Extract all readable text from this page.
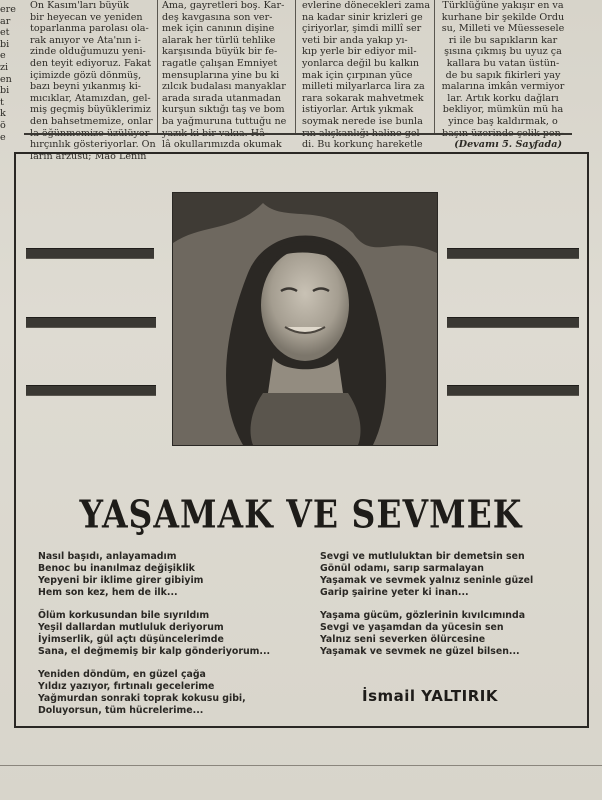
ere
ar
et
bi
e
zi
en
bi
t
k
ö
e
On Kasım'ları büyük
bir heyecan ve yeniden
toparlanma parolası ola-
rak anıyor ve Ata'nın i-
zinde olduğumuzu yeni-
den teyit ediyoruz. Fakat
içimizde gözü dönmüş,
bazı beyni yıkanmış ki-
mıcıklar, Atamızdan, gel-
miş geçmiş büyüklerimiz
den bahsetmemize, onlar
hırçınlık gösteriyorlar. On
ların arzusu; Mao Lenin
Ama, gayretleri boş. Kar-
deş kavgasına son ver-
mek için canının dişine
alarak her türlü tehlike
karşısında büyük bir fe-
ragatle çalışan Emniyet
mensuplarına yine bu ki
zılcık budalası manyaklar
arada sırada utanmadan
kurşun sıktığı taş ve bom
ba yağmuruna tuttuğu ne
lâ okullarımızda okumak
evlerine dönecekleri zama
na kadar sinir krizleri ge
çiriyorlar, şimdi millî ser
veti bir anda yakıp yı-
kıp yerle bir ediyor mil-
yonlarca değil bu kalkın
mak için çırpınan yüce
milleti milyarlarca lira za
rara sokarak mahvetmek
istiyorlar. Artık yıkmak
soymak nerede ise bunla
di. Bu korkunç hareketle
Türklüğüne yakışır en va
kurhane bir şekilde Ordu
su, Milleti ve Müessesele
ri ile bu sapıkların kar
şısına çıkmış bu uyuz ça
kallara bu vatan üstün-
de bu sapık fikirleri yay
malarına imkân vermiyor
lar. Artık korku dağları
bekliyor, mümkün mü ha
yince baş kaldırmak, o
(Devamı 5. Sayfada)
YAŞAMAK VE SEVMEK
Nasıl başıdı, anlayamadım
Benoc bu inanılmaz değişiklik
Yepyeni bir iklime girer gibiyim
Hem son kez, hem de ilk...
Ölüm korkusundan bile sıyrıldım
Yeşil dallardan mutluluk deriyorum
İyimserlik, gül açtı düşüncelerimde
Sana, el değmemiş bir kalp gönderiyorum...
Yeniden döndüm, en güzel çağa
Yıldız yazıyor, fırtınalı gecelerime
Yağmurdan sonraki toprak kokusu gibi,
Doluyorsun, tüm hücrelerime...
Sevgi ve mutluluktan bir demetsin sen
Gönül odamı, sarıp sarmalayan
Yaşamak ve sevmek yalnız seninle güzel
Garip şairine yeter ki inan...
Yaşama gücüm, gözlerinin kıvılcımında
Sevgi ve yaşamdan da yücesin sen
Yalnız seni severken ölürcesine
Yaşamak ve sevmek ne güzel bilsen...
İsmail YALTIRIK
